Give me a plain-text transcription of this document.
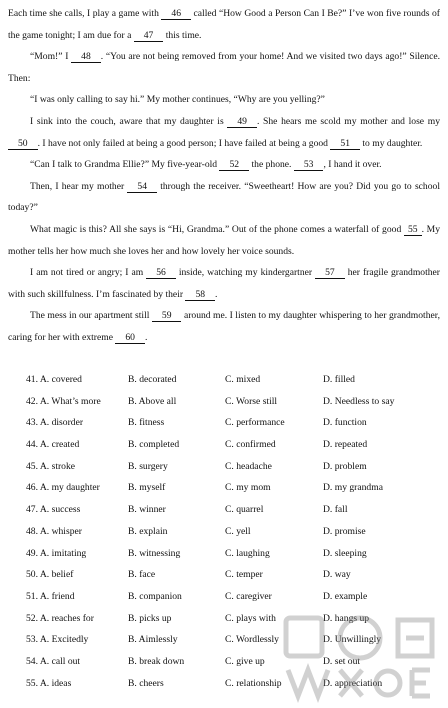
Each time she calls, I play a game with 46 called “How Good a Person Can I Be?” I’ve won five rounds of the game tonight; I am due for a 47 this time.

“Mom!” I 48 . “You are not being removed from your home! And we visited two days ago!” Silence. Then:

“I was only calling to say hi.” My mother continues, “Why are you yelling?”

I sink into the couch, aware that my daughter is 49 . She hears me scold my mother and lose my 50 . I have not only failed at being a good person; I have failed at being a good 51 to my daughter.

“Can I talk to Grandma Ellie?” My five-year-old 52 the phone. 53 , I hand it over.

Then, I hear my mother 54 through the receiver. “Sweetheart! How are you? Did you go to school today?”

What magic is this? All she says is “Hi, Grandma.” Out of the phone comes a waterfall of good 55 . My mother tells her how much she loves her and how lovely her voice sounds.

I am not tired or angry; I am 56 inside, watching my kindergartner 57 her fragile grandmother with such skillfulness. I’m fascinated by their 58 .

The mess in our apartment still 59 around me. I listen to my daughter whispering to her grandmother, caring for her with extreme 60 .

41. A. covered	B. decorated	C. mixed	D. filled
42. A. What’s more	B. Above all	C. Worse still	D. Needless to say
43. A. disorder	B. fitness	C. performance	D. function
44. A. created	B. completed	C. confirmed	D. repeated
45. A. stroke	B. surgery	C. headache	D. problem
46. A. my daughter	B. myself	C. my mom	D. my grandma
47. A. success	B. winner	C. quarrel	D. fall
48. A. whisper	B. explain	C. yell	D. promise
49. A. imitating	B. witnessing	C. laughing	D. sleeping
50. A. belief	B. face	C. temper	D. way
51. A. friend	B. companion	C. caregiver	D. example
52. A. reaches for	B. picks up	C. plays with	D. hangs up
53. A. Excitedly	B. Aimlessly	C. Wordlessly	D. Unwillingly
54. A. call out	B. break down	C. give up	D. set out
55. A. ideas	B. cheers	C. relationship	D. appreciation
